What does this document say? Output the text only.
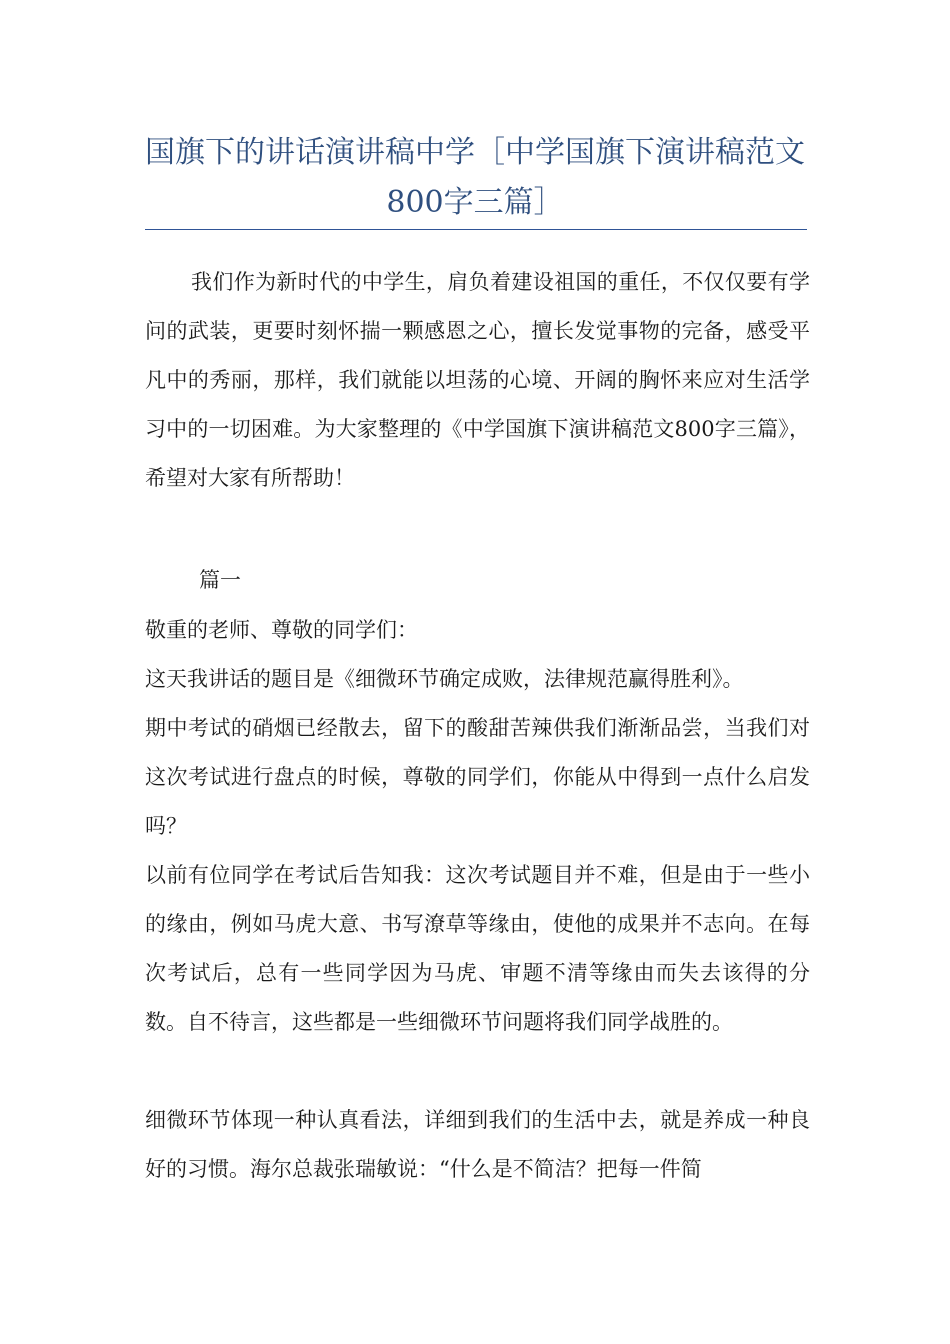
国旗下的讲话演讲稿中学［中学国旗下演讲稿范文
800字三篇］
我们作为新时代的中学生，肩负着建设祖国的重任，不仅仅要有学问的武装，更要时刻怀揣一颗感恩之心，擅长发觉事物的完备，感受平凡中的秀丽，那样，我们就能以坦荡的心境、开阔的胸怀来应对生活学习中的一切困难。为大家整理的《中学国旗下演讲稿范文800字三篇》，希望对大家有所帮助！
篇一

敬重的老师、尊敬的同学们：

这天我讲话的题目是《细微环节确定成败，法律规范赢得胜利》。

期中考试的硝烟已经散去，留下的酸甜苦辣供我们渐渐品尝，当我们对这次考试进行盘点的时候，尊敬的同学们，你能从中得到一点什么启发吗？

以前有位同学在考试后告知我：这次考试题目并不难，但是由于一些小的缘由，例如马虎大意、书写潦草等缘由，使他的成果并不志向。在每次考试后，总有一些同学因为马虎、审题不清等缘由而失去该得的分数。自不待言，这些都是一些细微环节问题将我们同学战胜的。

细微环节体现一种认真看法，详细到我们的生活中去，就是养成一种良好的习惯。海尔总裁张瑞敏说：“什么是不简洁？把每一件简
